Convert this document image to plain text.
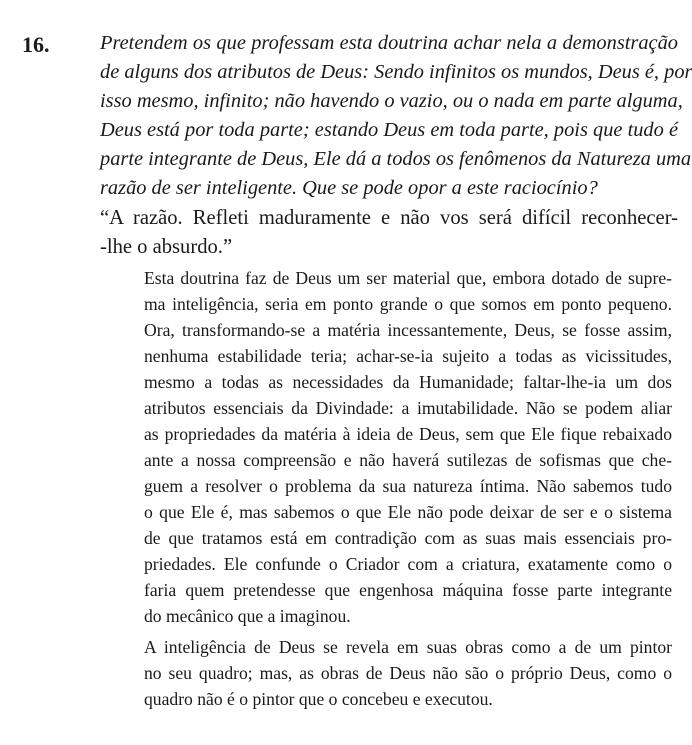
16. Pretendem os que professam esta doutrina achar nela a demonstração
de alguns dos atributos de Deus: Sendo infinitos os mundos, Deus é, por
isso mesmo, infinito; não havendo o vazio, ou o nada em parte alguma,
Deus está por toda parte; estando Deus em toda parte, pois que tudo é
parte integrante de Deus, Ele dá a todos os fenômenos da Natureza uma
razão de ser inteligente. Que se pode opor a este raciocínio?
“A razão. Refleti maduramente e não vos será difícil reconhecer-
-lhe o absurdo.”
Esta doutrina faz de Deus um ser material que, embora dotado de supre-
ma inteligência, seria em ponto grande o que somos em ponto pequeno.
Ora, transformando-se a matéria incessantemente, Deus, se fosse assim,
nenhuma estabilidade teria; achar-se-ia sujeito a todas as vicissitudes,
mesmo a todas as necessidades da Humanidade; faltar-lhe-ia um dos
atributos essenciais da Divindade: a imutabilidade. Não se podem aliar
as propriedades da matéria à ideia de Deus, sem que Ele fique rebaixado
ante a nossa compreensão e não haverá sutilezas de sofismas que che-
guem a resolver o problema da sua natureza íntima. Não sabemos tudo
o que Ele é, mas sabemos o que Ele não pode deixar de ser e o sistema
de que tratamos está em contradição com as suas mais essenciais pro-
priedades. Ele confunde o Criador com a criatura, exatamente como o
faria quem pretendesse que engenhosa máquina fosse parte integrante
do mecânico que a imaginou.
A inteligência de Deus se revela em suas obras como a de um pintor
no seu quadro; mas, as obras de Deus não são o próprio Deus, como o
quadro não é o pintor que o concebeu e executou.
